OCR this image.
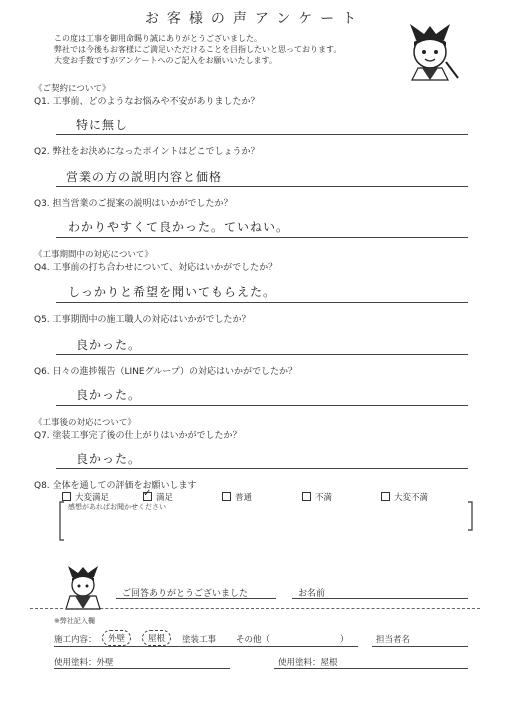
お客様の声アンケート
この度は工事を御用命賜り誠にありがとうございました。
弊社では今後もお客様にご満足いただけることを目指したいと思っております。
大変お手数ですがアンケートへのご記入をお願いいたします。
《ご契約について》
Q1. 工事前、どのようなお悩みや不安がありましたか？
特に無し
Q2. 弊社をお決めになったポイントはどこでしょうか？
営業の方の説明内容と価格
Q3. 担当営業のご提案の説明はいかがでしたか？
わかりやすくて良かった。ていねい。
《工事期間中の対応について》
Q4. 工事前の打ち合わせについて、対応はいかがでしたか？
しっかりと希望を聞いてもらえた。
Q5. 工事期間中の施工職人の対応はいかがでしたか？
良かった。
Q6. 日々の進捗報告（LINEグループ）の対応はいかがでしたか？
良かった。
《工事後の対応について》
Q7. 塗装工事完了後の仕上がりはいかがでしたか？
良かった。
Q8. 全体を通しての評価をお願いします
大変満足	✓ 満足	普通	不満	大変不満
感想があればお聞かせください
ご回答ありがとうございました	お名前
※弊社記入欄
施工内容：	外壁	屋根	塗装工事 その他（	）	担当者名
使用塗料：外壁	使用塗料：屋根
